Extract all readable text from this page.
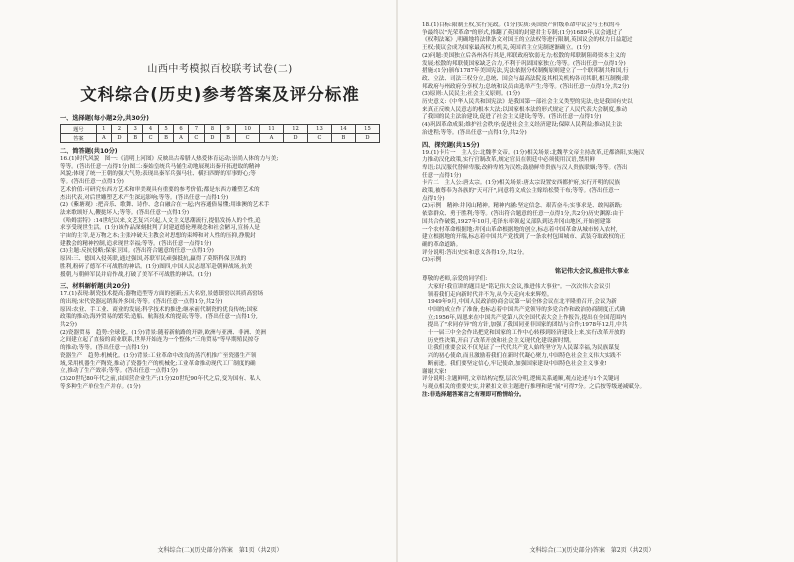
山西中考模拟百校联考试卷(二)
文科综合(历史)参考答案及评分标准
一、选择题(每小题2分,共30分)
题号	1	2	3	4	5	6	7	8	9	10	11	12	13	14	15
答案	A	D	B	C	B	A	C	D	B	C	A	D	C	B	D
二、简答题(共10分)

16.(1)时代风貌　图一:《清明上河图》反映出古希腊人热爱体育运动;崇尚人体的力与美;

等等。(答出任意一点得1分)图二:秦始皇统兵马俑生动地展现出秦开拓进取的精神

风貌;体现了统一王朝的强大气势;表现出秦军兵强马壮、横扫四野的军事野心;等

等。(答出任意一点得1分)

艺术价值:可研究东西方艺术和审美观具有重要的参考价值;都是东西方雕塑艺术的

杰出代表,对后世雕塑艺术产生深远影响;等等。(答出任意一点得1分)

(2)《紫塘观》:把音乐、歌舞、诗作、念白融合在一起;内容通俗易懂;用谁澳的艺术手

法来歌颂好人,鞭挞坏人;等等。(答出任意一点得1分)

《哈姆雷特》:14世纪以来,文艺复兴兴起,人文主义思潮流行,提倡发扬人的个性,追

求享受现世生活。(1分)该作品深刻批判了封建道德伦理观念和社会陋习,宣扬人是

宇宙的主宰,是万物之本;主张冲破天主教会对思想的束缚和对人性的压抑,挣脱封

建教会的精神控制,追求现世幸福;等等。(答出任意一点得1分)

(3)主题:反抗侵略;保家卫国。(答出符合题意的任意一点得1分)

原因:三、德国入侵英联,通过强国,苏联军民顽强抵抗,赢得了莫斯科保卫战的

胜利,粉碎了德军不可战胜的神话。(1分)图四,中国人民志愿军赴朝鲜战场,抗美

援朝,与朝鲜军民并肩作战,打破了美军不可战胜的神话。(1分)

三、材料解析题(共20分)

17.(1)表现:制瓷技术提高;器物造型等方面的创新;五大名窑,景德镇窑以其质高窑场

的出现;宋代瓷器远销海外多国;等等。(答出任意一点得1分,共2分)

原因:农业、手工业、商业的发展;科学技术的推进;继承前代制瓷的优良传统;国家

政策的推动;海外贸易的繁荣;造船、航海技术的提高;等等。(答出任意一点得1分,

共2分)

(2)瓷器贸易　趋势:全球化。(1分)背景:随着新航路的开辟,欧洲与亚洲、非洲、美洲

之间建立起了直接的商业联系,世界开始连为一个整体;"三角贸易"等早期殖民掠夺

的推动;等等。(答出任意一点得1分)

瓷器生产　趋势:机械化。(1分)背景:工业革命中改良的蒸汽机推广至瓷器生产领

域,采用机器生产陶瓷,推动了瓷器生产的机械化;工业革命推动现代工厂制度的确

立,推动了生产效率;等等。(答出任意一点得1分)

(3)20世纪80年代之前,由国营企业生产;(1分)20世纪90年代之后,变为国有、私人

等多种生产单位生产并存。(1分)

文科综合(二)(历史部分)答案　第1页（共2页）

18.(1)目标:限制王权,实行宪政。(1分)实质:英国资产阶级革命中议会与王权的斗

争最终以"光荣革命"的形式,推翻了英国的封建君主专制;(1分)1689年,议会通过了

《权利法案》,明确地将法律条文对国王的立法权等进行限制,英国议会的权力日益超过

王权;使议会成为国家最高权力机关,英国君主立宪制逐渐确立。(1分)

(2)问题:美国独立后各州各行其是,邦联政府软弱无力;松散的邦联制阻碍资本主义的

发展;松散的邦联使国家缺乏合力,不利于巩固国家独立;等等。(答出任意一点得1分)

措施:(1分)颁布1787年美国宪法,宪法依据分权制衡原则建立了一个联邦制共和国,行

政、立法、司法三权分立,总统、国会与最高法院及其相关机构各司其职,相互制衡;联

邦政府与州政府分享权力;总统和议员由选举产生;等等。(答出任意一点得1分,共2分)

(3)原则:人民民主;社会主义原则。(1分)

历史意义:《中华人民共和国宪法》是我国第一部社会主义类型的宪法,也是我国有史以

来真正反映人民意志的根本大法;以国家根本法的形式规定了人民代表大会制度,推动

了我国的民主法治建设,促进了社会主义建设;等等。(答出任意一点得1分)

(4)巩固革命成果;维护社会秩序;促进社会主义经济建设;保障人民利益;推动民主法

治进程;等等。(答出任意一点得1分,共2分)

四、探究题(共15分)

19.(1)卡片一　主人公:北魏孝文帝。(1分)相关场景:北魏孝文帝主持改革,迁都洛阳,实施汉

力推动汉化政策,实行官制改革,规定官员在朝廷中必须使用汉语,禁用鲜

卑语;以汉服代替鲜卑服;改鲜卑姓为汉姓;鼓励鲜卑贵族与汉人贵族联姻;等等。(答出

任意一点得1分)

卡片二　主人公:唐太宗。(1分)相关场景:唐太宗设置安西都护府,实行开明的民族

政策,被尊奉为各族的"天可汗",同意将文成公主嫁给松赞干布;等等。(答出任意一

点得1分)

(2)示例　精神:井冈山精神。精神内涵:坚定信念、艰苦奋斗;实事求是、敢闯新路;

依靠群众、勇于胜利;等等。(答出符合题意的任意一点得1分,共2分)历史渊源:由于

国共合作破裂,1927年10月,毛泽东率领起义部队到达井冈山地区,开始创建第

一个农村革命根据地;井冈山革命根据地的创立,标志着中国革命从城市转入农村,

建立根据地的开端,标志着中国共产党找到了一条农村包围城市、武装夺取政权的正

确的革命道路。

评分说明:答出史实和意义各得1分,共2分。

(3)示例

铭记伟大会议,推进伟大事业

尊敬的老师,亲爱的同学们:

大家好!我宣讲的题目是"铭记伟大会议,推进伟大事业"。一次次伟大会议引

领着我们走向新时代并不为,从今天走向未来辉煌。

1949年9月,中国人民政治协商会议第一届全体会议在北平隆重召开,会议为新

中国的成立作了准备,也标志着中国共产党领导的多党合作和政治协商制度正式确

立;1956年,周恩来在中国共产党第八次全国代表大会上作报告,提出在全国范围内

提出了"求同存异"的方针,加强了我国同亚非国家的团结与合作;1978年12月,中共

十一届三中全会作出把党和国家的工作中心转移到经济建设上来,实行改革开放的

历史性决策,开启了改革开放和社会主义现代化建设新时期。

让我们重要会议不仅见证了一代代共产党人始终坚守为人民谋幸福,为民族谋复

兴的初心使命,而且激励着我们在新时代凝心聚力,中国特色社会主义伟大实践不

断前进。我们要坚定信心,牢记使命,加强国家建设中国特色社会主义事业!

谢谢大家!

评分说明:主题鲜明,文章结构完整,层次分明,逻辑关系通顺,观点论述与1个关键词

与观点相关的重要史实,并紧扣文章主题进行推理和延"展"可得7分。之后按等级递减赋分。

注:非选择题答案言之有理即可酌情给分。

文科综合(二)(历史部分)答案　第2页（共2页）
